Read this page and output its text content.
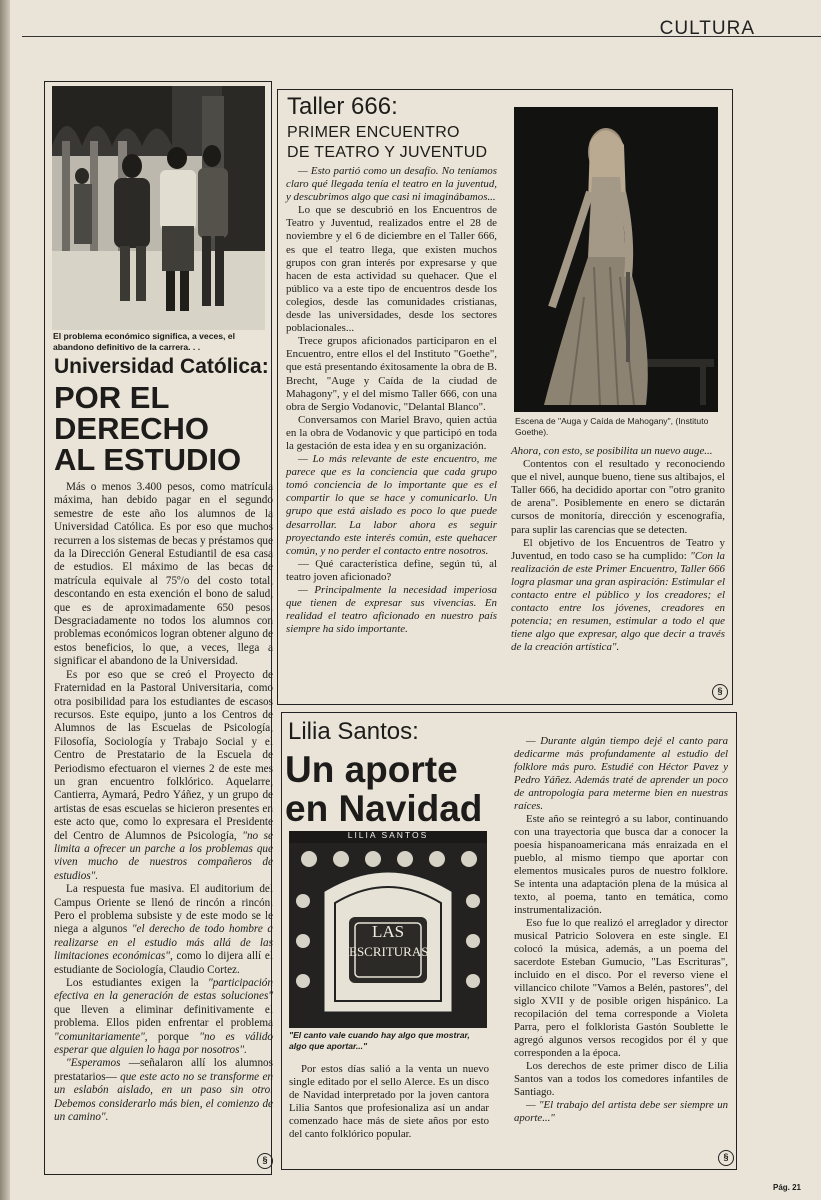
CULTURA
El problema económico significa, a veces, el abandono definitivo de la carrera. . .
Universidad Católica:
POR EL
DERECHO
AL ESTUDIO

Más o menos 3.400 pesos, como matrícula máxima, han debido pagar en el segundo semestre de este año los alumnos de la Universidad Católica. Es por eso que muchos recurren a los sistemas de becas y préstamos que da la Dirección General Estudiantil de esa casa de estudios. El máximo de las becas de matrícula equivale al 75º/o del costo total, descontando en esta exención el bono de salud, que es de aproximadamente 650 pesos. Desgraciadamente no todos los alumnos con problemas económicos logran obtener alguno de estos beneficios, lo que, a veces, llega a significar el abandono de la Universidad.

Es por eso que se creó el Proyecto de Fraternidad en la Pastoral Universitaria, como otra posibilidad para los estudiantes de escasos recursos. Este equipo, junto a los Centros de Alumnos de las Escuelas de Psicología, Filosofía, Sociología y Trabajo Social y el Centro de Prestatario de la Escuela de Periodismo efectuaron el viernes 2 de este mes un gran encuentro folklórico. Aquelarre, Cantierra, Aymará, Pedro Yáñez, y un grupo de artistas de esas escuelas se hicieron presentes en este acto que, como lo expresara el Presidente del Centro de Alumnos de Psicología, "no se limita a ofrecer un parche a los problemas que viven mucho de nuestros compañeros de estudios".

La respuesta fue masiva. El auditorium del Campus Oriente se llenó de rincón a rincón. Pero el problema subsiste y de este modo se le niega a algunos "el derecho de todo hombre a realizarse en el estudio más allá de las limitaciones económicas", como lo dijera allí el estudiante de Sociología, Claudio Cortez.

Los estudiantes exigen la "participación efectiva en la generación de estas soluciones" que lleven a eliminar definitivamente el problema. Ellos piden enfrentar el problema "comunitariamente", porque "no es válido esperar que alguien lo haga por nosotros".

"Esperamos —señalaron allí los alumnos prestatarios— que este acto no se transforme en un eslabón aislado, en un paso sin otro. Debemos considerarlo más bien, el comienzo de un camino".

§
Taller 666:
PRIMER ENCUENTRO
DE TEATRO Y JUVENTUD

— Esto partió como un desafío. No teníamos claro qué llegada tenía el teatro en la juventud, y descubrimos algo que casi ni imaginábamos...

Lo que se descubrió en los Encuentros de Teatro y Juventud, realizados entre el 28 de noviembre y el 6 de diciembre en el Taller 666, es que el teatro llega, que existen muchos grupos con gran interés por expresarse y que hacen de esta actividad su quehacer. Que el público va a este tipo de encuentros desde los colegios, desde las comunidades cristianas, desde las universidades, desde los sectores poblacionales...

Trece grupos aficionados participaron en el Encuentro, entre ellos el del Instituto "Goethe", que está presentando éxitosamente la obra de B. Brecht, "Auge y Caída de la ciudad de Mahagony", y el del mismo Taller 666, con una obra de Sergio Vodanovic, "Delantal Blanco".

Conversamos con Mariel Bravo, quien actúa en la obra de Vodanovic y que participó en toda la gestación de esta idea y en su organización.

— Lo más relevante de este encuentro, me parece que es la conciencia que cada grupo tomó conciencia de lo importante que es el compartir lo que se hace y comunicarlo. Un grupo que está aislado es poco lo que puede desarrollar. La labor ahora es seguir proyectando este interés común, este quehacer común, y no perder el contacto entre nosotros.

— Qué característica define, según tú, al teatro joven aficionado?

— Principalmente la necesidad imperiosa que tienen de expresar sus vivencias. En realidad el teatro aficionado en nuestro país siempre ha sido importante.

Escena de "Auga y Caída de Mahogany", (Instituto Goethe).

Ahora, con esto, se posibilita un nuevo auge...

Contentos con el resultado y reconociendo que el nivel, aunque bueno, tiene sus altibajos, el Taller 666, ha decidido aportar con "otro granito de arena". Posiblemente en enero se dictarán cursos de monitoría, dirección y escenografía, para suplir las carencias que se detecten.

El objetivo de los Encuentros de Teatro y Juventud, en todo caso se ha cumplido: "Con la realización de este Primer Encuentro, Taller 666 logra plasmar una gran aspiración: Estimular el contacto entre el público y los creadores; el contacto entre los jóvenes, creadores en potencia; en resumen, estimular a todo el que tiene algo que expresar, algo que decir a través de la creación artística".

§
Lilia Santos:
Un aporte
en Navidad
LILIA SANTOS
LAS
ESCRITURAS
"El canto vale cuando hay algo que mostrar, algo que aportar..."

Por estos días salió a la venta un nuevo single editado por el sello Alerce. Es un disco de Navidad interpretado por la joven cantora Lilia Santos que profesionaliza así un andar comenzado hace más de siete años por esto del canto folklórico popular.

— Durante algún tiempo dejé el canto para dedicarme más profundamente al estudio del folklore más puro. Estudié con Héctor Pavez y Pedro Yáñez. Además traté de aprender un poco de antropología para meterme bien en nuestras raíces.

Este año se reintegró a su labor, continuando con una trayectoria que busca dar a conocer la poesía hispanoamericana más enraizada en el pueblo, al mismo tiempo que aportar con elementos musicales puros de nuestro folklore. Se intenta una adaptación plena de la música al texto, al poema, tanto en temática, como instrumentalización.

Eso fue lo que realizó el arreglador y director musical Patricio Solovera en este single. El colocó la música, además, a un poema del sacerdote Esteban Gumucio, "Las Escrituras", incluido en el disco. Por el reverso viene el villancico chilote "Vamos a Belén, pastores", del siglo XVII y de posible origen hispánico. La recopilación del tema corresponde a Violeta Parra, pero el folklorista Gastón Soublette le agregó algunos versos recogidos por él y que corresponden a la época.

Los derechos de este primer disco de Lilia Santos van a todos los comedores infantiles de Santiago.

— "El trabajo del artista debe ser siempre un aporte..."

§
Pág. 21
